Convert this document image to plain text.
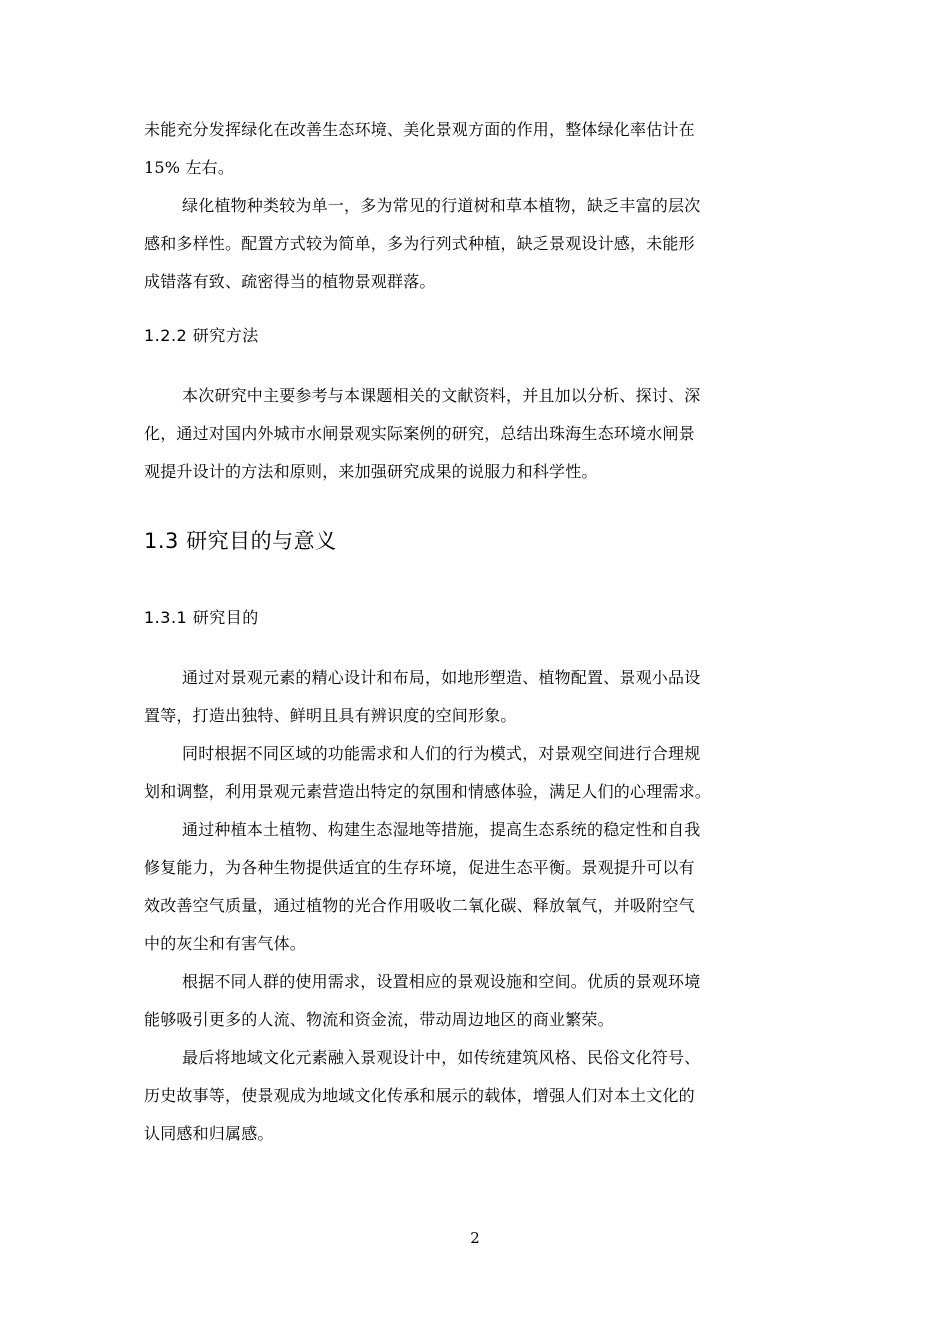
未能充分发挥绿化在改善生态环境、美化景观方面的作用，整体绿化率估计在
15% 左右。
绿化植物种类较为单一，多为常见的行道树和草本植物，缺乏丰富的层次
感和多样性。配置方式较为简单，多为行列式种植，缺乏景观设计感，未能形
成错落有致、疏密得当的植物景观群落。
1.2.2 研究方法
本次研究中主要参考与本课题相关的文献资料，并且加以分析、探讨、深
化，通过对国内外城市水闸景观实际案例的研究，总结出珠海生态环境水闸景
观提升设计的方法和原则，来加强研究成果的说服力和科学性。
1.3 研究目的与意义
1.3.1 研究目的
通过对景观元素的精心设计和布局，如地形塑造、植物配置、景观小品设
置等，打造出独特、鲜明且具有辨识度的空间形象。
同时根据不同区域的功能需求和人们的行为模式，对景观空间进行合理规
划和调整，利用景观元素营造出特定的氛围和情感体验，满足人们的心理需求。
通过种植本土植物、构建生态湿地等措施，提高生态系统的稳定性和自我
修复能力，为各种生物提供适宜的生存环境，促进生态平衡。景观提升可以有
效改善空气质量，通过植物的光合作用吸收二氧化碳、释放氧气，并吸附空气
中的灰尘和有害气体。
根据不同人群的使用需求，设置相应的景观设施和空间。优质的景观环境
能够吸引更多的人流、物流和资金流，带动周边地区的商业繁荣。
最后将地域文化元素融入景观设计中，如传统建筑风格、民俗文化符号、
历史故事等，使景观成为地域文化传承和展示的载体，增强人们对本土文化的
认同感和归属感。
2
